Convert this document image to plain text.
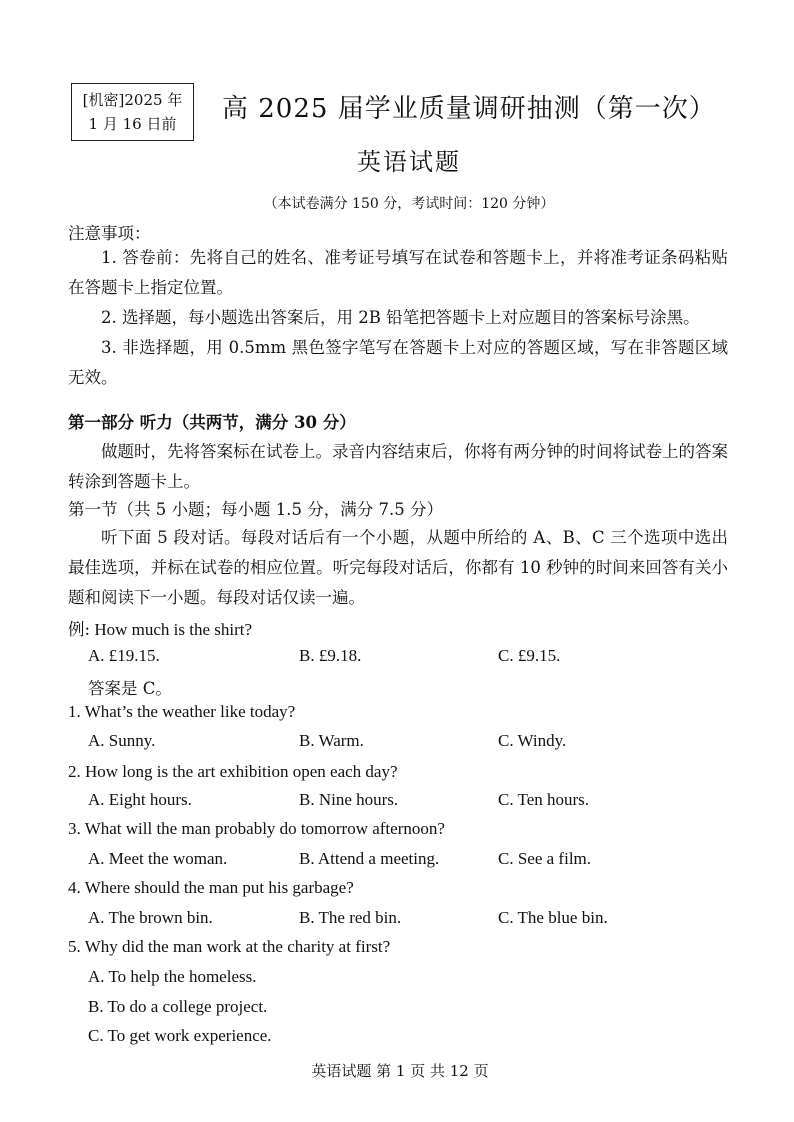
[机密]2025 年
1 月 16 日前	高 2025 届学业质量调研抽测（第一次）
英语试题
（本试卷满分 150 分，考试时间：120 分钟）
注意事项：

1. 答卷前：先将自己的姓名、准考证号填写在试卷和答题卡上，并将准考证条码粘贴在答题卡上指定位置。

2. 选择题，每小题选出答案后，用 2B 铅笔把答题卡上对应题目的答案标号涂黑。

3. 非选择题，用 0.5mm 黑色签字笔写在答题卡上对应的答题区域，写在非答题区域无效。

第一部分 听力（共两节，满分 30 分）

做题时，先将答案标在试卷上。录音内容结束后，你将有两分钟的时间将试卷上的答案转涂到答题卡上。

第一节（共 5 小题；每小题 1.5 分，满分 7.5 分）

听下面 5 段对话。每段对话后有一个小题，从题中所给的 A、B、C 三个选项中选出最佳选项，并标在试卷的相应位置。听完每段对话后，你都有 10 秒钟的时间来回答有关小题和阅读下一小题。每段对话仅读一遍。

例: How much is the shirt?
A. £19.15.	B. £9.18.	C. £9.15.
答案是 C。
1. What’s the weather like today?
A. Sunny.	B. Warm.	C. Windy.
2. How long is the art exhibition open each day?
A. Eight hours.	B. Nine hours.	C. Ten hours.
3. What will the man probably do tomorrow afternoon?
A. Meet the woman.	B. Attend a meeting.	C. See a film.
4. Where should the man put his garbage?
A. The brown bin.	B. The red bin.	C. The blue bin.
5. Why did the man work at the charity at first?
A. To help the homeless.
B. To do a college project.
C. To get work experience.
英语试题 第 1 页 共 12 页
